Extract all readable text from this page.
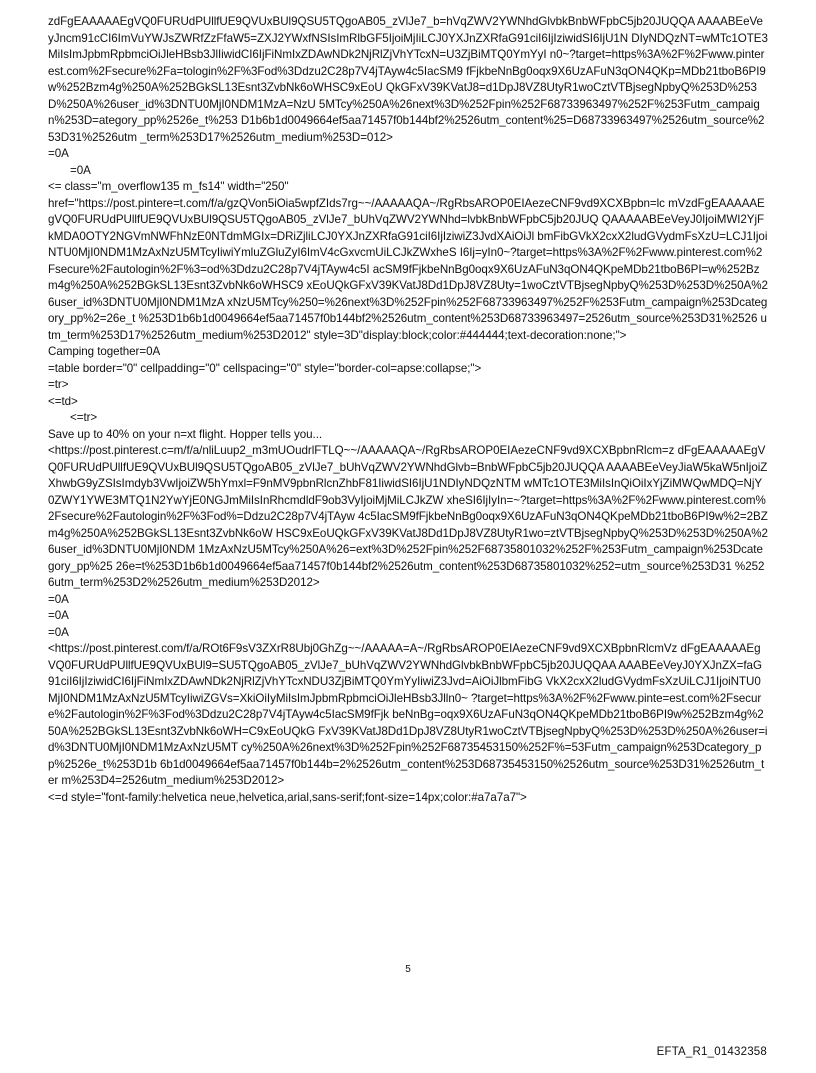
zdFgEAAAAAEgVQ0FURUdPUllfUE9QVUxBUl9QSU5TQgoAB05_zVlJe7_b=hVqZWV2YWNhdGlvbkBnbWFpbC5jb20JUQQA AAAABEeVeyJncm91cCI6ImVuYWJsZWRfZzFfaW5=ZXJ2YWxfNSIsImRlbGF5IjoiMjIiLCJ0YXJnZXRfaG91ciI6IjIziwidSI6IjU1N DIyNDQzNT=wMTc1OTE3MiIsImJpbmRpbmciOiJleHBsb3JlIiwidCI6IjFiNmIxZDAwNDk2NjRlZjVhYTcxN=U3ZjBiMTQ0YmYyI n0~?target=https%3A%2F%2Fwww.pinterest.com%2Fsecure%2Fa=tologin%2F%3Fod%3Ddzu2C28p7V4jTAyw4c5IacSM9 fFjkbeNnBg0oqx9X6UzAFuN3qON4QKp=MDb21tboB6PI9w%252Bzm4g%250A%252BGkSL13Esnt3ZvbNk6oWHSC9xEoU QkGFxV39KVatJ8=d1DpJ8VZ8UtyR1woCztVTBjsegNpbyQ%253D%253D%250A%26user_id%3DNTU0MjI0NDM1MzA=NzU 5MTcy%250A%26next%3D%252Fpin%252F68733963497%252F%253Futm_campaign%253D=ategory_pp%2526e_t%253 D1b6b1d0049664ef5aa71457f0b144bf2%2526utm_content%25=D68733963497%2526utm_source%253D31%2526utm _term%253D17%2526utm_medium%253D=012>
=0A
=0A
<= class="m_overflow135 m_fs14" width="250"
href="https://post.pintere=t.com/f/a/gzQVon5iOia5wpfZIds7rg~~/AAAAAQA~/RgRbsAROP0EIAezeCNF9vd9XCXBpbn=lc mVzdFgEAAAAAEgVQ0FURUdPUllfUE9QVUxBUl9QSU5TQgoAB05_zVlJe7_bUhVqZWV2YWNhd=lvbkBnbWFpbC5jb20JUQ QAAAAABEeVeyJ0IjoiMWI2YjFkMDA0OTY2NGVmNWFhNzE0NTdmMGIx=DRiZjliLCJ0YXJnZXRfaG91ciI6IjIziwiZ3JvdXAiOiJl bmFibGVkX2cxX2ludGVydmFsXzU=LCJ1IjoiNTU0MjI0NDM1MzAxNzU5MTcyIiwiYmluZGluZyI6ImV4cGxvcmUiLCJkZWxheS I6Ij=yIn0~?target=https%3A%2F%2Fwww.pinterest.com%2Fsecure%2Fautologin%2F%3=od%3Ddzu2C28p7V4jTAyw4c5I acSM9fFjkbeNnBg0oqx9X6UzAFuN3qON4QKpeMDb21tboB6PI=w%252Bzm4g%250A%252BGkSL13Esnt3ZvbNk6oWHSC9 xEoUQkGFxV39KVatJ8Dd1DpJ8VZ8Uty=1woCztVTBjsegNpbyQ%253D%253D%250A%26user_id%3DNTU0MjI0NDM1MzA xNzU5MTcy%250=%26next%3D%252Fpin%252F68733963497%252F%253Futm_campaign%253Dcategory_pp%2=26e_t %253D1b6b1d0049664ef5aa71457f0b144bf2%2526utm_content%253D68733963497=2526utm_source%253D31%2526 utm_term%253D17%2526utm_medium%253D2012" style=3D"display:block;color:#444444;text-decoration:none;">
Camping together=0A
=table border="0" cellpadding="0" cellspacing="0" style="border-col=apse:collapse;">
=tr>
<=td>
<=tr>
Save up to 40% on your n=xt flight. Hopper tells you...
<https://post.pinterest.c=m/f/a/nliLuup2_m3mUOudrlFTLQ~~/AAAAAQA~/RgRbsAROP0EIAezeCNF9vd9XCXBpbnRlcm=z dFgEAAAAAEgVQ0FURUdPUllfUE9QVUxBUl9QSU5TQgoAB05_zVlJe7_bUhVqZWV2YWNhdGlvb=BnbWFpbC5jb20JUQQA AAAABEeVeyJiaW5kaW5nIjoiZXhwbG9yZSIsImdyb3VwIjoiZW5hYmxl=F9nMV9pbnRlcnZhbF81IiwidSI6IjU1NDIyNDQzNTM wMTc1OTE3MiIsInQiOiIxYjZiMWQwMDQ=NjY0ZWY1YWE3MTQ1N2YwYjE0NGJmMiIsInRhcmdldF9ob3VyIjoiMjMiLCJkZW xheSI6IjIyIn=~?target=https%3A%2F%2Fwww.pinterest.com%2Fsecure%2Fautologin%2F%3Fod%=Ddzu2C28p7V4jTAyw 4c5IacSM9fFjkbeNnBg0oqx9X6UzAFuN3qON4QKpeMDb21tboB6PI9w%2=2BZm4g%250A%252BGkSL13Esnt3ZvbNk6oW HSC9xEoUQkGFxV39KVatJ8Dd1DpJ8VZ8UtyR1wo=ztVTBjsegNpbyQ%253D%253D%250A%26user_id%3DNTU0MjI0NDM 1MzAxNzU5MTcy%250A%26=ext%3D%252Fpin%252F68735801032%252F%253Futm_campaign%253Dcategory_pp%25 26e=t%253D1b6b1d0049664ef5aa71457f0b144bf2%2526utm_content%253D68735801032%252=utm_source%253D31 %2526utm_term%253D2%2526utm_medium%253D2012>
=0A
=0A
=0A
<https://post.pinterest.com/f/a/ROt6F9sV3ZXrR8Ubj0GhZg~~/AAAAA=A~/RgRbsAROP0EIAezeCNF9vd9XCXBpbnRlcmVz dFgEAAAAAEgVQ0FURUdPUllfUE9QVUxBUl9=SU5TQgoAB05_zVlJe7_bUhVqZWV2YWNhdGlvbkBnbWFpbC5jb20JUQQAA AAABEeVeyJ0YXJnZX=faG91ciI6IjIziwidCI6IjFiNmIxZDAwNDk2NjRlZjVhYTcxNDU3ZjBiMTQ0YmYyIiwiZ3Jvd=AiOiJlbmFibG VkX2cxX2ludGVydmFsXzUiLCJ1IjoiNTU0MjI0NDM1MzAxNzU5MTcyIiwiZGVs=XkiOiIyMiIsImJpbmRpbmciOiJleHBsb3Jlln0~ ?target=https%3A%2F%2Fwww.pinte=est.com%2Fsecure%2Fautologin%2F%3Fod%3Ddzu2C28p7V4jTAyw4c5IacSM9fFjk beNnBg=oqx9X6UzAFuN3qON4QKpeMDb21tboB6PI9w%252Bzm4g%250A%252BGkSL13Esnt3ZvbNk6oWH=C9xEoUQkG FxV39KVatJ8Dd1DpJ8VZ8UtyR1woCztVTBjsegNpbyQ%253D%253D%250A%26user=id%3DNTU0MjI0NDM1MzAxNzU5MT cy%250A%26next%3D%252Fpin%252F68735453150%252F%=53Futm_campaign%253Dcategory_pp%2526e_t%253D1b 6b1d0049664ef5aa71457f0b144b=2%2526utm_content%253D68735453150%2526utm_source%253D31%2526utm_ter m%253D4=2526utm_medium%253D2012>
<=d style="font-family:helvetica neue,helvetica,arial,sans-serif;font-size=14px;color:#a7a7a7">
5
EFTA_R1_01432358
